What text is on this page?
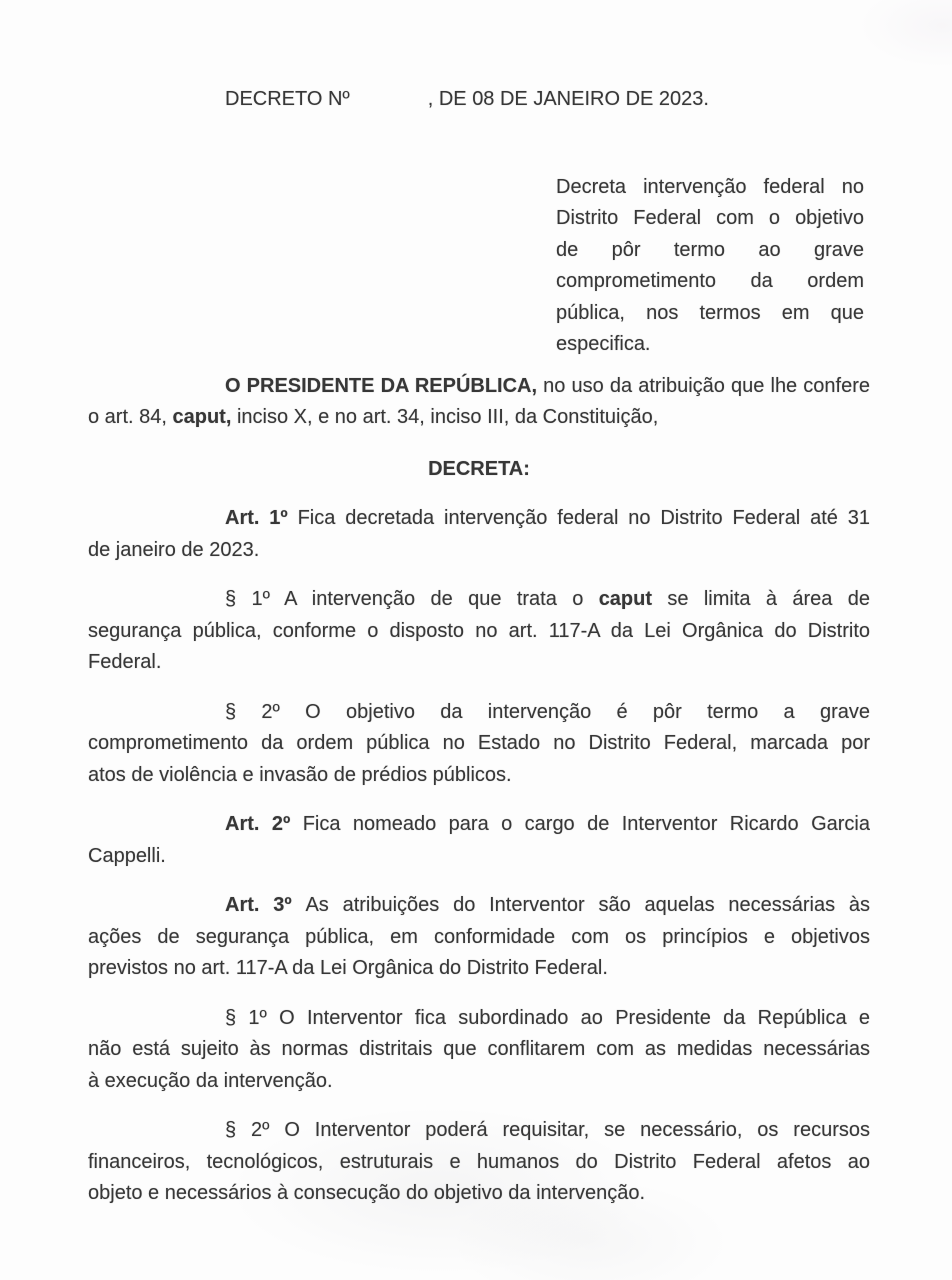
DECRETO Nº	, DE 08 DE JANEIRO DE 2023.
Decreta intervenção federal no
Distrito Federal com o objetivo
de pôr termo ao grave
comprometimento da ordem
pública, nos termos em que
especifica.
O PRESIDENTE DA REPÚBLICA, no uso da atribuição que lhe confere
o art. 84, caput, inciso X, e no art. 34, inciso III, da Constituição,
DECRETA:
Art. 1º Fica decretada intervenção federal no Distrito Federal até 31
de janeiro de 2023.
§ 1º A intervenção de que trata o caput se limita à área de
segurança pública, conforme o disposto no art. 117-A da Lei Orgânica do Distrito
Federal.
§ 2º O objetivo da intervenção é pôr termo a grave
comprometimento da ordem pública no Estado no Distrito Federal, marcada por
atos de violência e invasão de prédios públicos.
Art. 2º Fica nomeado para o cargo de Interventor Ricardo Garcia
Cappelli.
Art. 3º As atribuições do Interventor são aquelas necessárias às
ações de segurança pública, em conformidade com os princípios e objetivos
previstos no art. 117-A da Lei Orgânica do Distrito Federal.
§ 1º O Interventor fica subordinado ao Presidente da República e
não está sujeito às normas distritais que conflitarem com as medidas necessárias
à execução da intervenção.
§ 2º O Interventor poderá requisitar, se necessário, os recursos
financeiros, tecnológicos, estruturais e humanos do Distrito Federal afetos ao
objeto e necessários à consecução do objetivo da intervenção.
